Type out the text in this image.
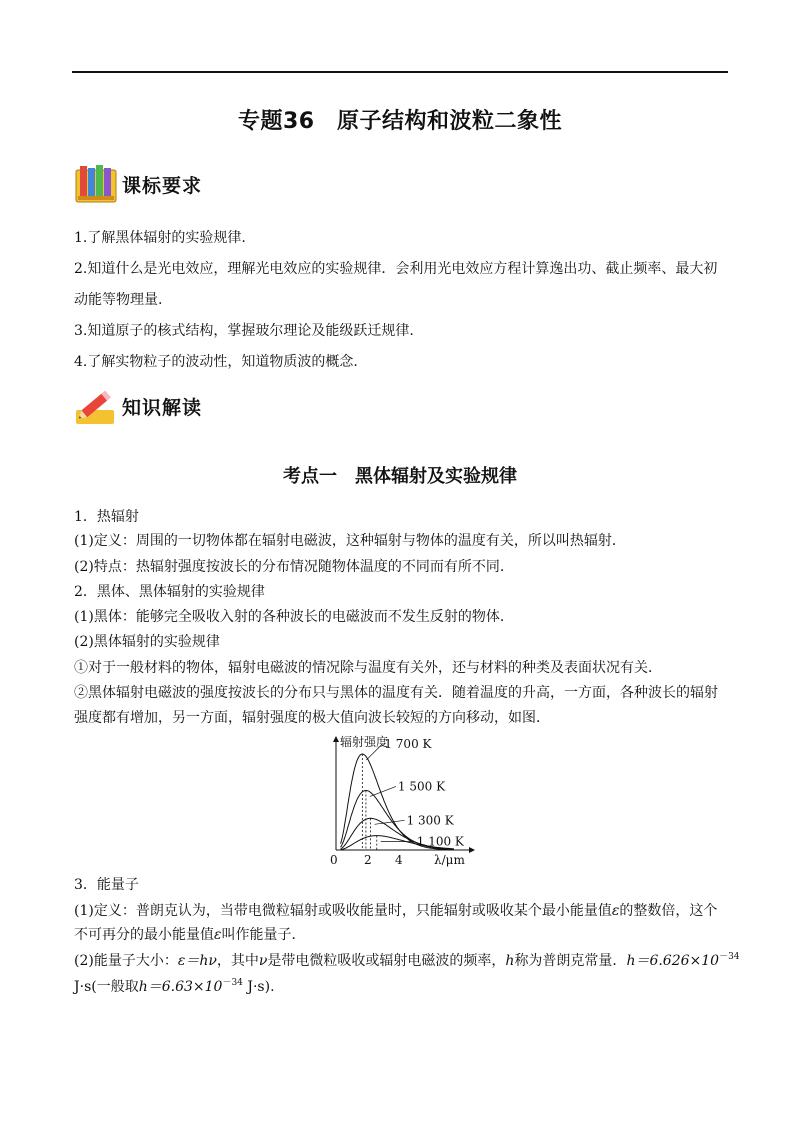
专题36　原子结构和波粒二象性
课标要求
1.了解黑体辐射的实验规律.
2.知道什么是光电效应，理解光电效应的实验规律．会利用光电效应方程计算逸出功、截止频率、最大初
动能等物理量.
3.知道原子的核式结构，掌握玻尔理论及能级跃迁规律.
4.了解实物粒子的波动性，知道物质波的概念.
知识解读
考点一　黑体辐射及实验规律
1．热辐射
(1)定义：周围的一切物体都在辐射电磁波，这种辐射与物体的温度有关，所以叫热辐射．
(2)特点：热辐射强度按波长的分布情况随物体温度的不同而有所不同．
2．黑体、黑体辐射的实验规律
(1)黑体：能够完全吸收入射的各种波长的电磁波而不发生反射的物体．
(2)黑体辐射的实验规律
①对于一般材料的物体，辐射电磁波的情况除与温度有关外，还与材料的种类及表面状况有关．
②黑体辐射电磁波的强度按波长的分布只与黑体的温度有关．随着温度的升高，一方面，各种波长的辐射
强度都有增加，另一方面，辐射强度的极大值向波长较短的方向移动，如图．
辐射强度
λ/μm
0 2 4
1 700 K
1 500 K
1 300 K
1 100 K
3．能量子
(1)定义：普朗克认为，当带电微粒辐射或吸收能量时，只能辐射或吸收某个最小能量值ε的整数倍，这个
不可再分的最小能量值ε叫作能量子．
(2)能量子大小：ε＝hν，其中ν是带电微粒吸收或辐射电磁波的频率，h称为普朗克常量．$h=6.626\times 10^{-34}$
J·s(一般取$h=6.63\times 10^{-34}$ J·s).
